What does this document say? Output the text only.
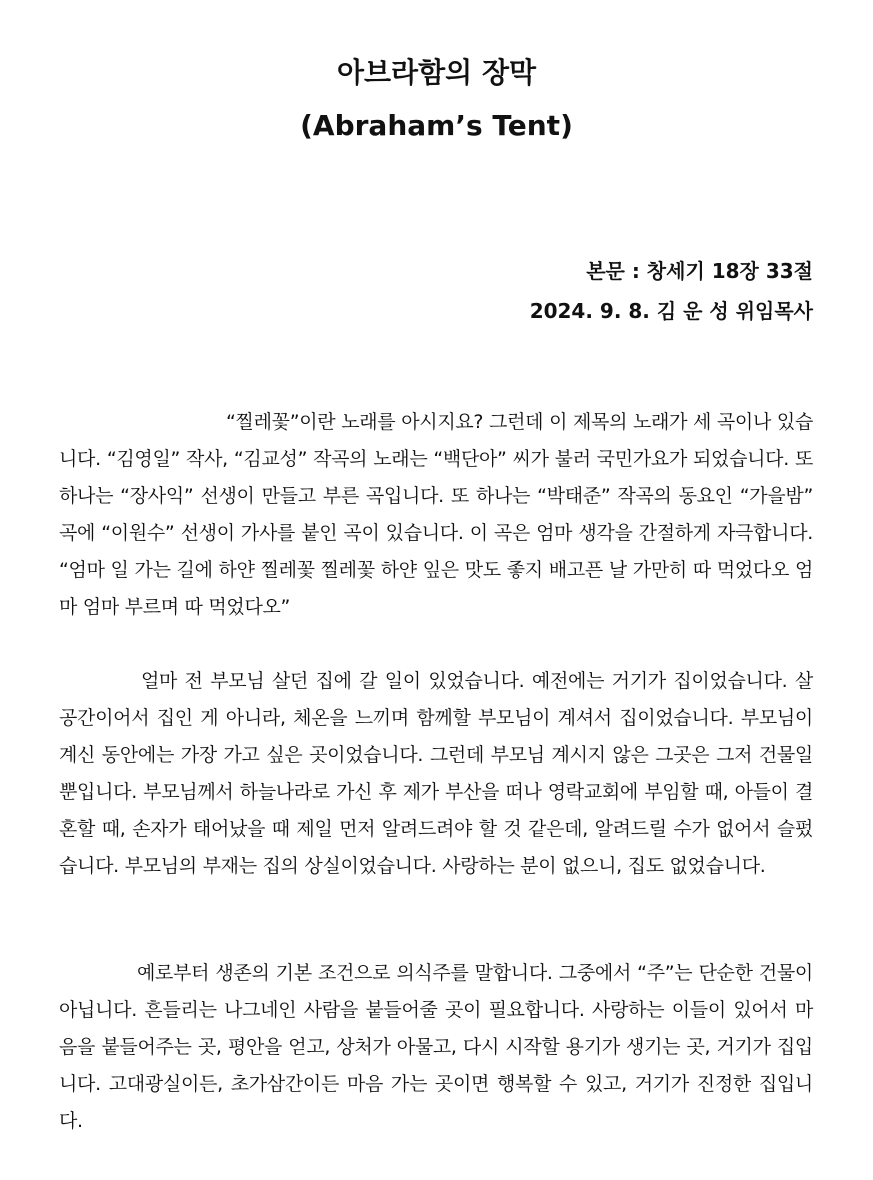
아브라함의 장막
(Abraham’s Tent)
본문 : 창세기 18장 33절
2024. 9. 8. 김 운 성 위임목사
“찔레꽃”이란 노래를 아시지요? 그런데 이 제목의 노래가 세 곡이나 있습니다. “김영일” 작사, “김교성” 작곡의 노래는 “백단아” 씨가 불러 국민가요가 되었습니다. 또 하나는 “장사익” 선생이 만들고 부른 곡입니다. 또 하나는 “박태준” 작곡의 동요인 “가을밤” 곡에 “이원수” 선생이 가사를 붙인 곡이 있습니다. 이 곡은 엄마 생각을 간절하게 자극합니다. “엄마 일 가는 길에 하얀 찔레꽃 찔레꽃 하얀 잎은 맛도 좋지 배고픈 날 가만히 따 먹었다오 엄마 엄마 부르며 따 먹었다오”
얼마 전 부모님 살던 집에 갈 일이 있었습니다. 예전에는 거기가 집이었습니다. 살 공간이어서 집인 게 아니라, 체온을 느끼며 함께할 부모님이 계셔서 집이었습니다. 부모님이 계신 동안에는 가장 가고 싶은 곳이었습니다. 그런데 부모님 계시지 않은 그곳은 그저 건물일 뿐입니다. 부모님께서 하늘나라로 가신 후 제가 부산을 떠나 영락교회에 부임할 때, 아들이 결혼할 때, 손자가 태어났을 때 제일 먼저 알려드려야 할 것 같은데, 알려드릴 수가 없어서 슬펐습니다. 부모님의 부재는 집의 상실이었습니다. 사랑하는 분이 없으니, 집도 없었습니다.
예로부터 생존의 기본 조건으로 의식주를 말합니다. 그중에서 “주”는 단순한 건물이 아닙니다. 흔들리는 나그네인 사람을 붙들어줄 곳이 필요합니다. 사랑하는 이들이 있어서 마음을 붙들어주는 곳, 평안을 얻고, 상처가 아물고, 다시 시작할 용기가 생기는 곳, 거기가 집입니다. 고대광실이든, 초가삼간이든 마음 가는 곳이면 행복할 수 있고, 거기가 진정한 집입니다.
